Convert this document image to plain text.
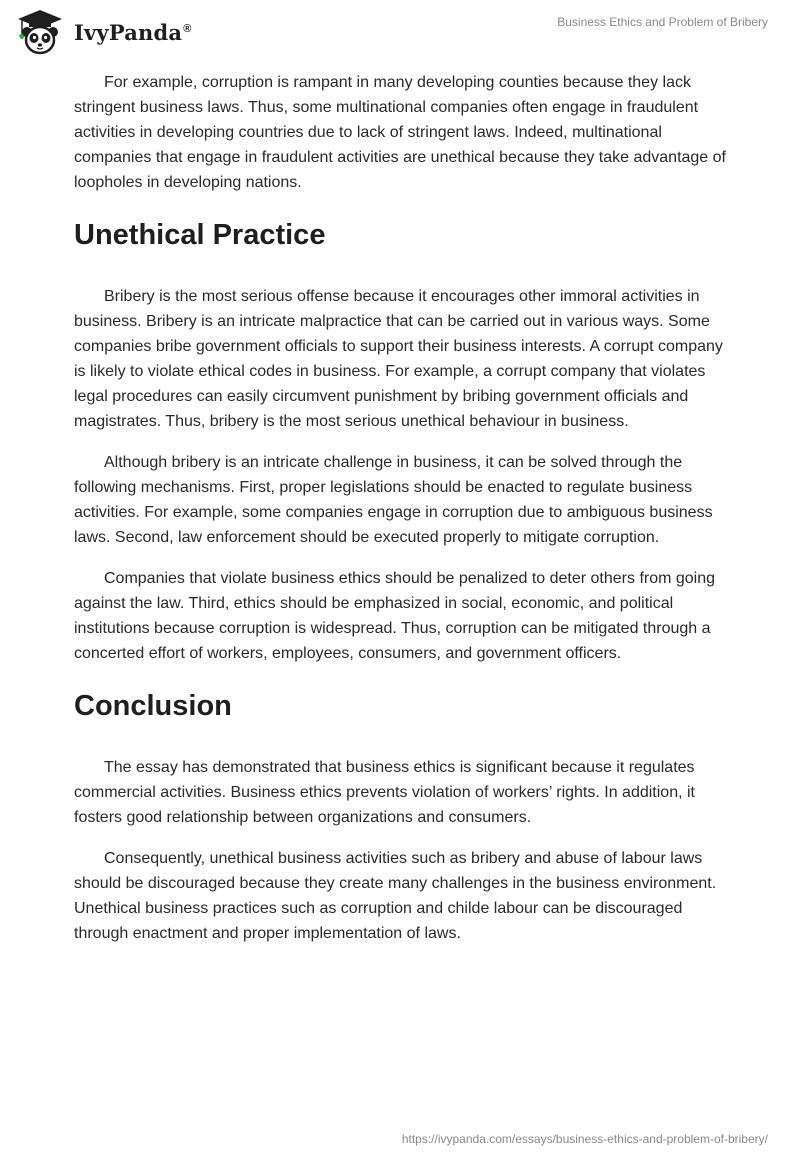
IvyPanda®	Business Ethics and Problem of Bribery

For example, corruption is rampant in many developing counties because they lack stringent business laws. Thus, some multinational companies often engage in fraudulent activities in developing countries due to lack of stringent laws. Indeed, multinational companies that engage in fraudulent activities are unethical because they take advantage of loopholes in developing nations.

Unethical Practice

Bribery is the most serious offense because it encourages other immoral activities in business. Bribery is an intricate malpractice that can be carried out in various ways. Some companies bribe government officials to support their business interests. A corrupt company is likely to violate ethical codes in business. For example, a corrupt company that violates legal procedures can easily circumvent punishment by bribing government officials and magistrates. Thus, bribery is the most serious unethical behaviour in business.

Although bribery is an intricate challenge in business, it can be solved through the following mechanisms. First, proper legislations should be enacted to regulate business activities. For example, some companies engage in corruption due to ambiguous business laws. Second, law enforcement should be executed properly to mitigate corruption.

Companies that violate business ethics should be penalized to deter others from going against the law. Third, ethics should be emphasized in social, economic, and political institutions because corruption is widespread. Thus, corruption can be mitigated through a concerted effort of workers, employees, consumers, and government officers.

Conclusion

The essay has demonstrated that business ethics is significant because it regulates commercial activities. Business ethics prevents violation of workers’ rights. In addition, it fosters good relationship between organizations and consumers.

Consequently, unethical business activities such as bribery and abuse of labour laws should be discouraged because they create many challenges in the business environment. Unethical business practices such as corruption and childe labour can be discouraged through enactment and proper implementation of laws.

https://ivypanda.com/essays/business-ethics-and-problem-of-bribery/
